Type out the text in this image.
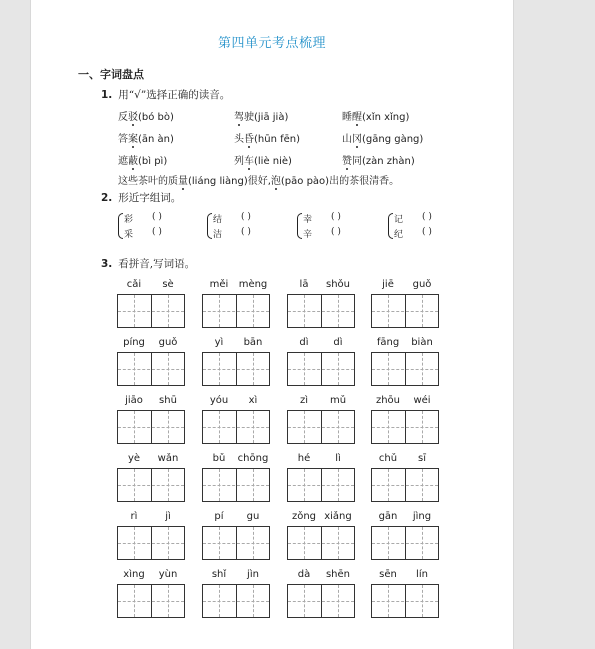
第四单元考点梳理
一、字词盘点
1. 用“√”选择正确的读音。
2. 形近字组词。
3. 看拼音,写词语。
反驳(bó bò)	驾驶(jiā jià)	睡醒(xǐn xǐng)
答案(ān àn)	头昏(hūn fēn)	山冈(gāng gàng)
遮蔽(bì pì)	列车(liè niè)	赞同(zàn zhàn)
这些茶叶的质量(liáng liàng)很好,泡(pāo pào)出的茶很清香。
彩
采
( )
( )
结
洁
( )
( )
幸
辛
( )
( )
记
纪
( )
( )
cǎi	sè	měi	mèng	lā	shǒu	jiē	guǒ
píng	guǒ	yì	bān	dì	dì	fāng	biàn
jiāo	shū	yóu	xì	zì	mǔ	zhōu	wéi
yè	wǎn	bǔ	chōng	hé	lì	chǔ	sī
rì	jì	pí	gu	zǒng xiǎng	gān	jìng
xìng	yùn	shǐ	jìn	dà	shēn	sēn	lín
